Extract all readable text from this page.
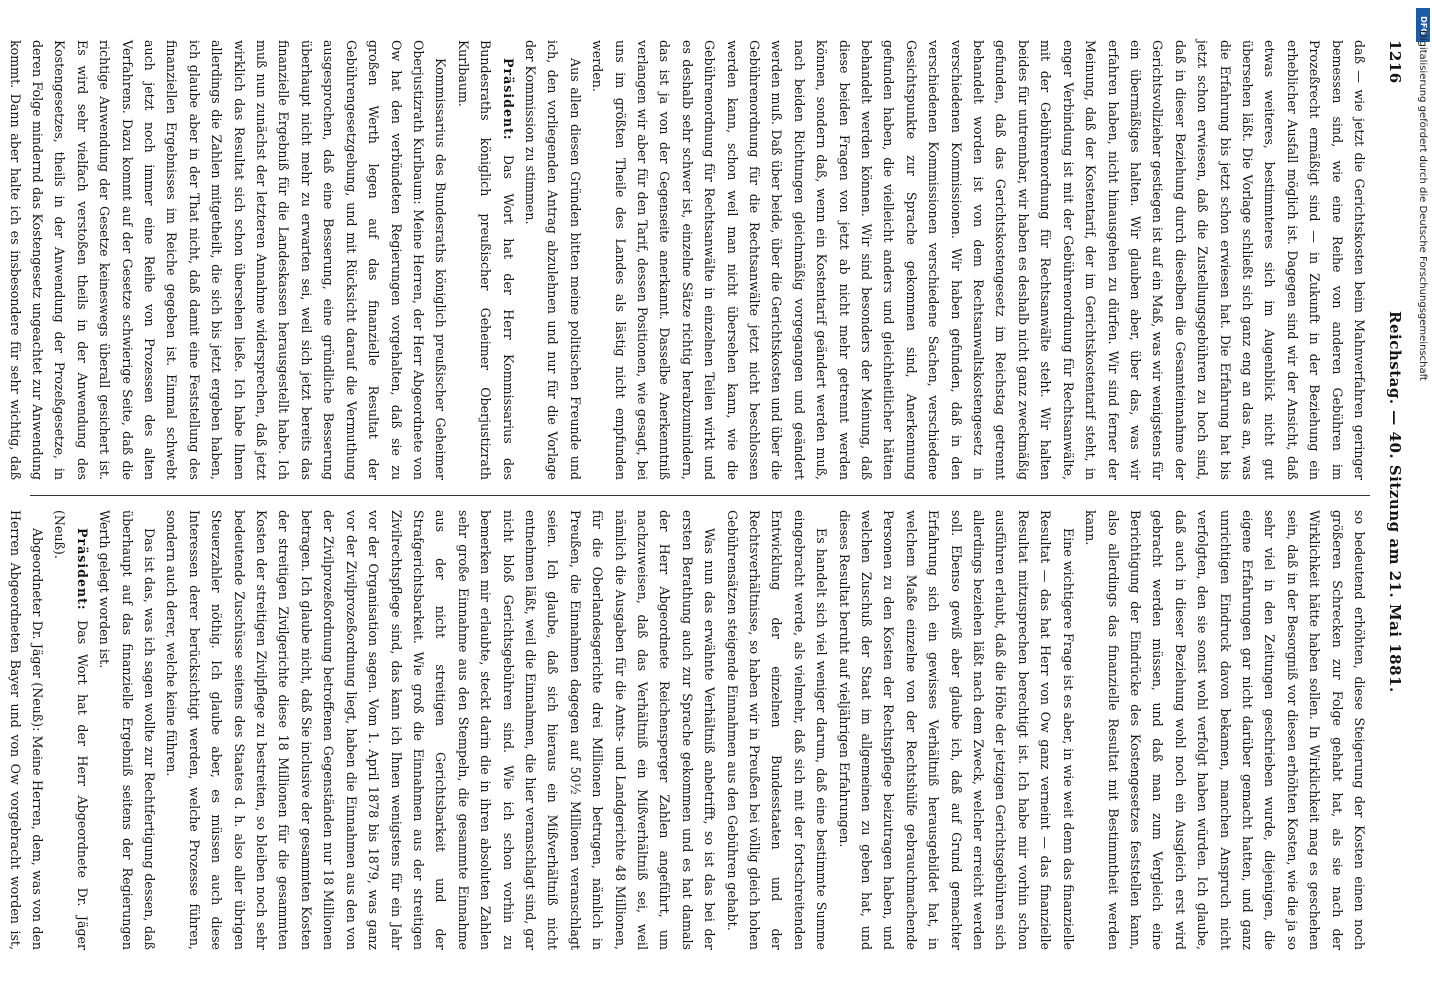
1216
Reichstag. — 40. Sitzung am 21. Mai 1881.

daß — wie jetzt die Gerichtskosten beim Mahnverfahren geringer bemessen sind, wie eine Reihe von anderen Gebühren im Prozeßrecht ermäßigt sind — in Zukunft in der Beziehung ein erheblicher Ausfall möglich ist. Dagegen sind wir der Ansicht, daß etwas weiteres, bestimmteres sich im Augenblick nicht gut übersehen läßt. Die Vorlage schließt sich ganz eng an das an, was die Erfahrung bis jetzt schon erwiesen hat. Die Erfahrung hat bis jetzt schon erwiesen, daß die Zustellungsgebühren zu hoch sind, daß in dieser Beziehung durch dieselben die Gesamteinnahme der Gerichtsvollzieher gestiegen ist auf ein Maß, was wir wenigstens für ein übermäßiges halten. Wir glauben aber, über das, was wir erfahren haben, nicht hinausgehen zu dürfen. Wir sind ferner der Meinung, daß der Kostentarif, der im Gerichtskostentarif steht, in enger Verbindung ist mit der Gebührenordnung für Rechtsanwälte, mit der Gebührenordnung für Rechtsanwälte steht. Wir halten beides für untrennbar, wir haben es deshalb nicht ganz zweckmäßig gefunden, daß das Gerichtskostengesetz im Reichstag getrennt behandelt worden ist von dem Rechtsanwaltskostengesetz in verschiedenen Kommissionen. Wir haben gefunden, daß in den verschiedenen Kommissionen verschiedene Sachen, verschiedene Gesichtspunkte zur Sprache gekommen sind, Anerkennung gefunden haben, die vielleicht anders und gleichheitlicher hätten behandelt werden können. Wir sind besonders der Meinung, daß diese beiden Fragen von jetzt ab nicht mehr getrennt werden können, sondern daß, wenn ein Kostentarif geändert werden muß, nach beiden Richtungen gleichmäßig vorgegangen und geändert werden muß. Daß über beide, über die Gerichtskosten und über die Gebührenordnung für die Rechtsanwälte jetzt nicht beschlossen werden kann, schon weil man nicht übersehen kann, wie die Gebührenordnung für Rechtsanwälte in einzelnen Teilen wirkt und es deshalb sehr schwer ist, einzelne Sätze richtig herabzumindern, das ist ja von der Gegenseite anerkannt. Dasselbe Anerkenntniß verlangen wir aber für den Tarif, dessen Positionen, wie gesagt, bei uns im größten Theile des Landes als lästig nicht empfunden werden.

Aus allen diesen Gründen bitten meine politischen Freunde und ich, den vorliegenden Antrag abzulehnen und nur für die Vorlage der Kommission zu stimmen.

Präsident: Das Wort hat der Herr Kommissarius des Bundesraths königlich preußischer Geheimer Oberjustizrath Kurlbaum.

Kommissarius des Bundesraths königlich preußischer Geheimer Oberjustizrath Kurlbaum: Meine Herren, der Herr Abgeordnete von Ow hat den verbündeten Regierungen vorgehalten, daß sie zu großen Werth legen auf das finanzielle Resultat der Gebührengesetzgebung, und mit Rücksicht darauf die Vermuthung ausgesprochen, daß eine Besserung, eine gründliche Besserung überhaupt nicht mehr zu erwarten sei, weil sich jetzt bereits das finanzielle Ergebniß für die Landeskassen herausgestellt habe. Ich muß nun zunächst der letzteren Annahme widersprechen, daß jetzt wirklich das Resultat sich schon übersehen ließe. Ich habe Ihnen allerdings die Zahlen mitgetheilt, die sich bis jetzt ergeben haben, ich glaube aber in der That nicht, daß damit eine Feststellung des finanziellen Ergebnisses im Reiche gegeben ist. Einmal schwebt auch jetzt noch immer eine Reihe von Prozessen des alten Verfahrens. Dazu kommt auf der Gesetze schwierige Seite, daß die richtige Anwendung der Gesetze keineswegs überall gesichert ist. Es wird sehr vielfach verstoßen theils in der Anwendung des Kostengesetzes, theils in der Anwendung der Prozeßgesetze, in deren Folge mindernd das Kostengesetz ungeachtet zur Anwendung kommt. Dann aber halte ich es insbesondere für sehr wichtig, daß

so bedeutend erhöhten, diese Steigerung der Kosten einen noch größeren Schrecken zur Folge gehabt hat, als sie nach der Wirklichkeit hätte haben sollen. In Wirklichkeit mag es geschehen sein, daß in der Besorgniß vor diesen erhöhten Kosten, wie die ja so sehr viel in den Zeitungen geschrieben wurde, diejenigen, die eigene Erfahrungen gar nicht darüber gemacht hatten, und ganz unrichtigen Eindruck davon bekamen, manchen Anspruch nicht verfolgten, den sie sonst wohl verfolgt haben würden. Ich glaube, daß auch in dieser Beziehung wohl noch ein Ausgleich erst wird gebracht werden müssen, und daß man zum Vergleich eine Berichtigung der Eindrücke des Kostengesetzes feststellen kann, also allerdings das finanzielle Resultat mit Bestimmtheit werden kann.

Eine wichtigere Frage ist es aber, in wie weit denn das finanzielle Resultat — das hat Herr von Ow ganz verneint — das finanzielle Resultat mitzusprechen berechtigt ist. Ich habe mir vorhin schon ausführen erlaubt, daß die Höhe der jetzigen Gerichtsgebühren sich allerdings beziehen läßt nach dem Zweck, welcher erreicht werden soll. Ebenso gewiß aber glaube ich, daß auf Grund gemachter Erfahrung sich ein gewisses Verhältniß herausgebildet hat, in welchem Maße einzelne von der Rechtshülfe gebrauchmachende Personen zu den Kosten der Rechtspflege beizutragen haben, und welchen Zuschuß der Staat im allgemeinen zu geben hat, und dieses Resultat beruht auf vieljährigen Erfahrungen.

Es handelt sich viel weniger darum, daß eine bestimmte Summe eingebracht werde, als vielmehr, daß sich mit der fortschreitenden Entwicklung der einzelnen Bundesstaaten und der Rechtsverhältnisse, so haben wir in Preußen bei völlig gleich hohen Gebührensätzen steigende Einnahmen aus den Gebühren gehabt.

Was nun das erwähnte Verhältniß anbetrifft, so ist das bei der ersten Berathung auch zur Sprache gekommen und es hat damals der Herr Abgeordnete Reichensperger Zahlen angeführt, um nachzuweisen, daß das Verhältniß ein Mißverhältniß sei, weil nämlich die Ausgaben für die Amts- und Landgerichte 48 Millionen, für die Oberlandesgerichte drei Millionen betrugen, nämlich in Preußen, die Einnahmen dagegen auf 50½ Millionen veranschlagt seien. Ich glaube, daß sich hieraus ein Mißverhältniß nicht entnehmen läßt, weil die Einnahmen, die hier veranschlagt sind, gar nicht bloß Gerichtsgebühren sind. Wie ich schon vorhin zu bemerken mir erlaubte, steckt darin die in ihren absoluten Zahlen sehr große Einnahme aus den Stempeln, die gesammte Einnahme aus der nicht streitigen Gerichtsbarkeit und der Strafgerichtsbarkeit. Wie groß die Einnahmen aus der streitigen Zivilrechtspflege sind, das kann ich Ihnen wenigstens für ein Jahr vor der Organisation sagen. Vom 1. April 1878 bis 1879, was ganz vor der Zivilprozeßordnung liegt, haben die Einnahmen aus den von der Zivilprozeßordnung betroffenen Gegenständen nur 18 Millionen betragen. Ich glaube nicht, daß Sie inclusive der gesammten Kosten der streitigen Zivilgerichte diese 18 Millionen für die gesammten Kosten der streitigen Zivilpflege zu bestreiten, so bleiben noch sehr bedeutende Zuschüsse seitens des Staates d. h. also aller übrigen Steuerzahler nöthig. Ich glaube aber, es müssen auch diese Interessen derer berücksichtigt werden, welche Prozesse führen, sondern auch derer, welche keine führen.

Das ist das, was ich sagen wollte zur Rechtfertigung dessen, daß überhaupt auf das finanzielle Ergebniß seitens der Regierungen Werth gelegt worden ist.

Präsident: Das Wort hat der Herr Abgeordnete Dr. Jäger (Neuß).

Abgeordneter Dr. Jäger (Neuß): Meine Herren, dem, was von den Herren Abgeordneten Bayer und von Ow vorgebracht worden ist,

DFG
Digitalisierung gefördert durch die Deutsche Forschungsgemeinschaft
